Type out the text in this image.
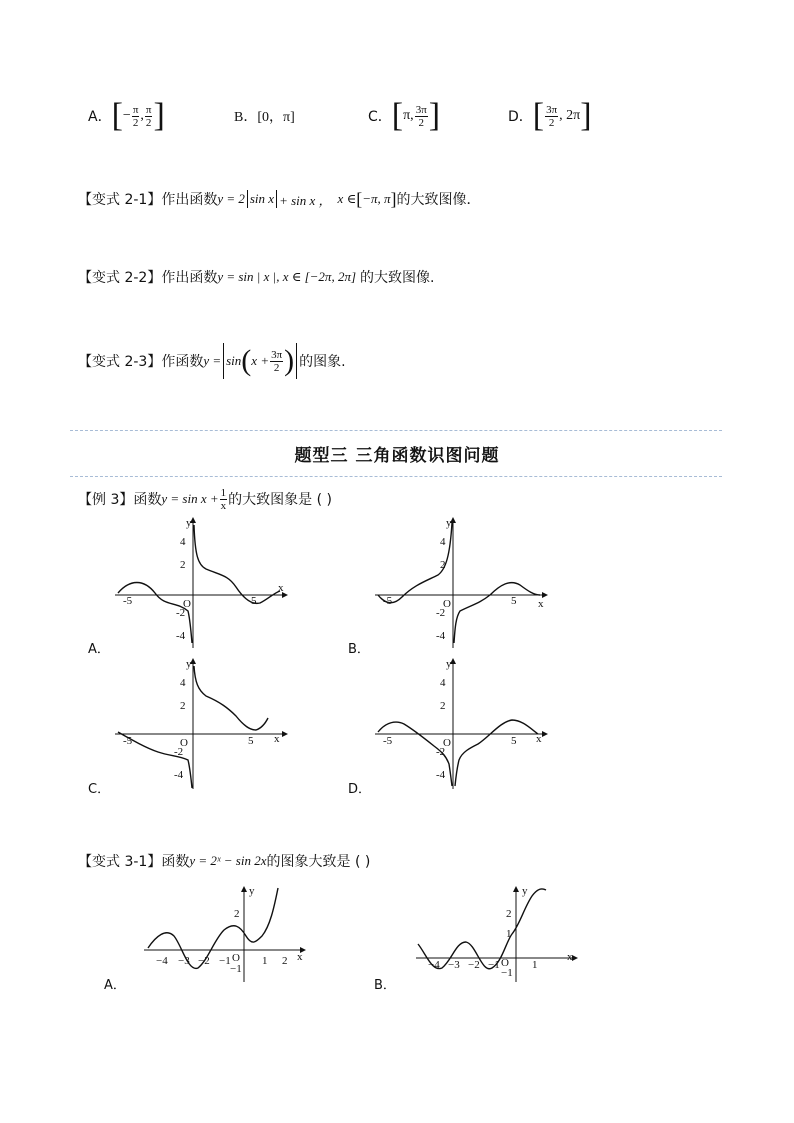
A． [ − $\frac{\pi}{2}$ , $\frac{\pi}{2}$ ]	B．[0，π]	C． [ π, $\frac{3\pi}{2}$ ]	D． [ $\frac{3\pi}{2}$ , 2π ]
【变式 2-1】作出函数 y = 2 sin x + sin x ， x ∈ [ −π, π ] 的大致图像．
【变式 2-2】作出函数 y = sin | x |, x ∈ [−2π, 2π] 的大致图像.
【变式 2-3】作函数 y = sin ( $x + \frac{3\pi}{2}$ ) 的图象.
题型三 三角函数识图问题
【例 3】函数 $y = \sin x + \frac{1}{x}$ 的大致图象是 ( )
y
x
O
4
2
-2
-4
-5	5
A．
y
x
O
4
2
-2
-4
-5	5
B．
y
x
O
4
2
-2
-4
-5	5
C．
y
x
O
4
2
-2
-4
-5	5
D．
【变式 3-1】函数 y = 2ˣ − sin 2x 的图象大致是 ( )
y
x
O
2
−1
−4 −3 −2 −1	1 2
A．
y
x
O
2
1
−1
−4 −3 −2 −1	1
B．
